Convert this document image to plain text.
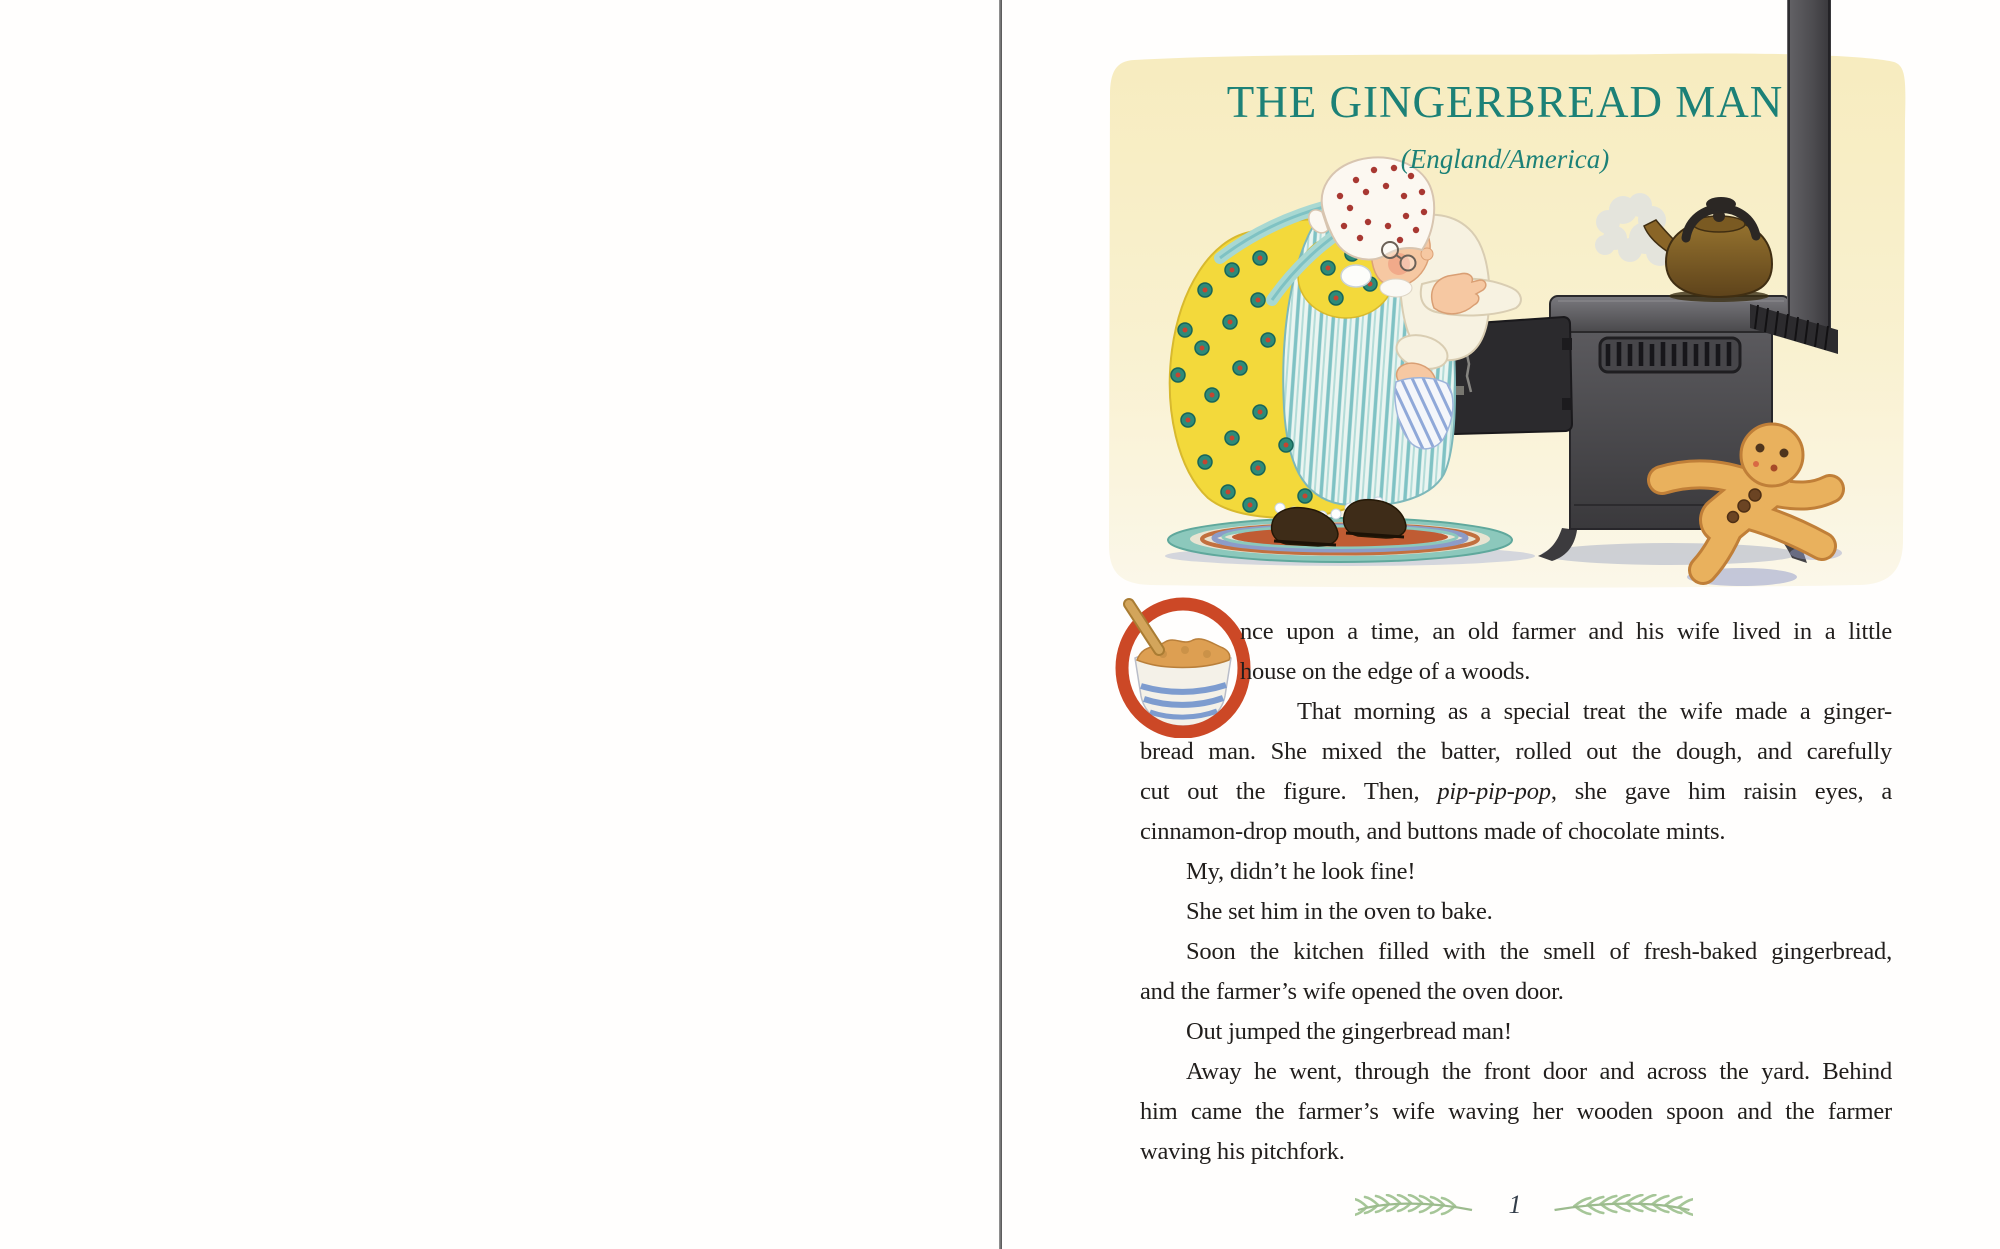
THE GINGERBREAD MAN
(England/America)
nce upon a time, an old farmer and his wife lived in a little
house on the edge of a woods.
That morning as a special treat the wife made a ginger-
bread man. She mixed the batter, rolled out the dough, and carefully
cut out the figure. Then, pip-pip-pop, she gave him raisin eyes, a
cinnamon-drop mouth, and buttons made of chocolate mints.
My, didn’t he look fine!
She set him in the oven to bake.
Soon the kitchen filled with the smell of fresh-baked gingerbread,
and the farmer’s wife opened the oven door.
Out jumped the gingerbread man!
Away he went, through the front door and across the yard. Behind
him came the farmer’s wife waving her wooden spoon and the farmer
waving his pitchfork.
1
